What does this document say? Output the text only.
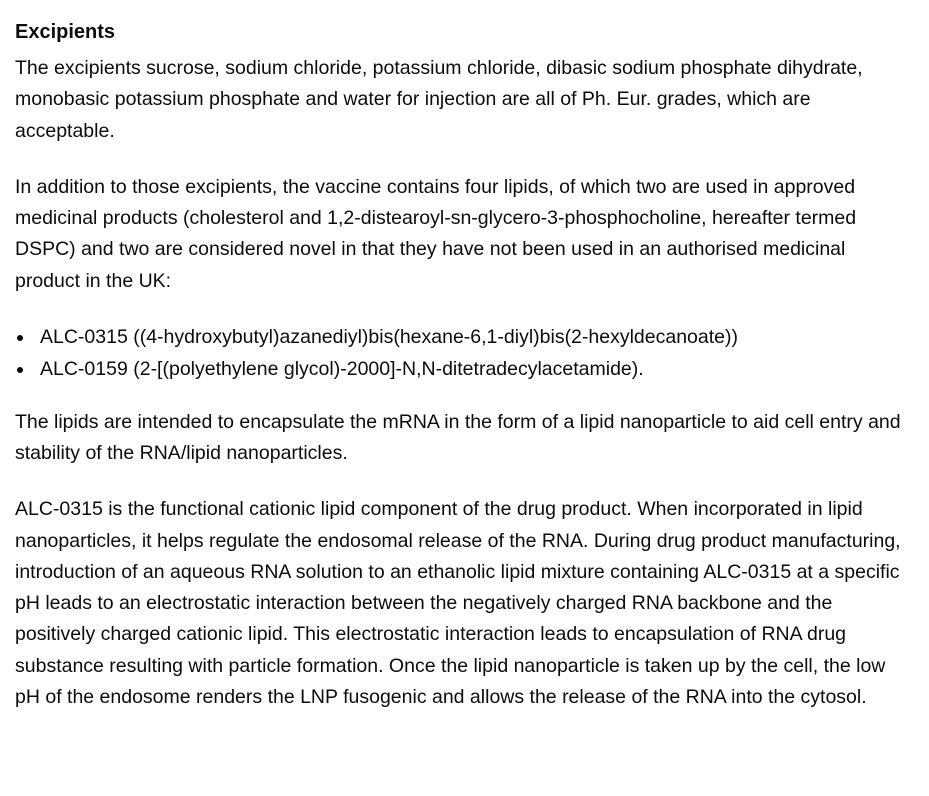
Excipients

The excipients sucrose, sodium chloride, potassium chloride, dibasic sodium phosphate dihydrate, monobasic potassium phosphate and water for injection are all of Ph. Eur. grades, which are acceptable.

In addition to those excipients, the vaccine contains four lipids, of which two are used in approved medicinal products (cholesterol and 1,2-distearoyl-sn-glycero-3-phosphocholine, hereafter termed DSPC) and two are considered novel in that they have not been used in an authorised medicinal product in the UK:

ALC-0315 ((4-hydroxybutyl)azanediyl)bis(hexane-6,1-diyl)bis(2-hexyldecanoate))
ALC-0159 (2-[(polyethylene glycol)-2000]-N,N-ditetradecylacetamide).

The lipids are intended to encapsulate the mRNA in the form of a lipid nanoparticle to aid cell entry and stability of the RNA/lipid nanoparticles.

ALC-0315 is the functional cationic lipid component of the drug product. When incorporated in lipid nanoparticles, it helps regulate the endosomal release of the RNA. During drug product manufacturing, introduction of an aqueous RNA solution to an ethanolic lipid mixture containing ALC-0315 at a specific pH leads to an electrostatic interaction between the negatively charged RNA backbone and the positively charged cationic lipid. This electrostatic interaction leads to encapsulation of RNA drug substance resulting with particle formation. Once the lipid nanoparticle is taken up by the cell, the low pH of the endosome renders the LNP fusogenic and allows the release of the RNA into the cytosol.
